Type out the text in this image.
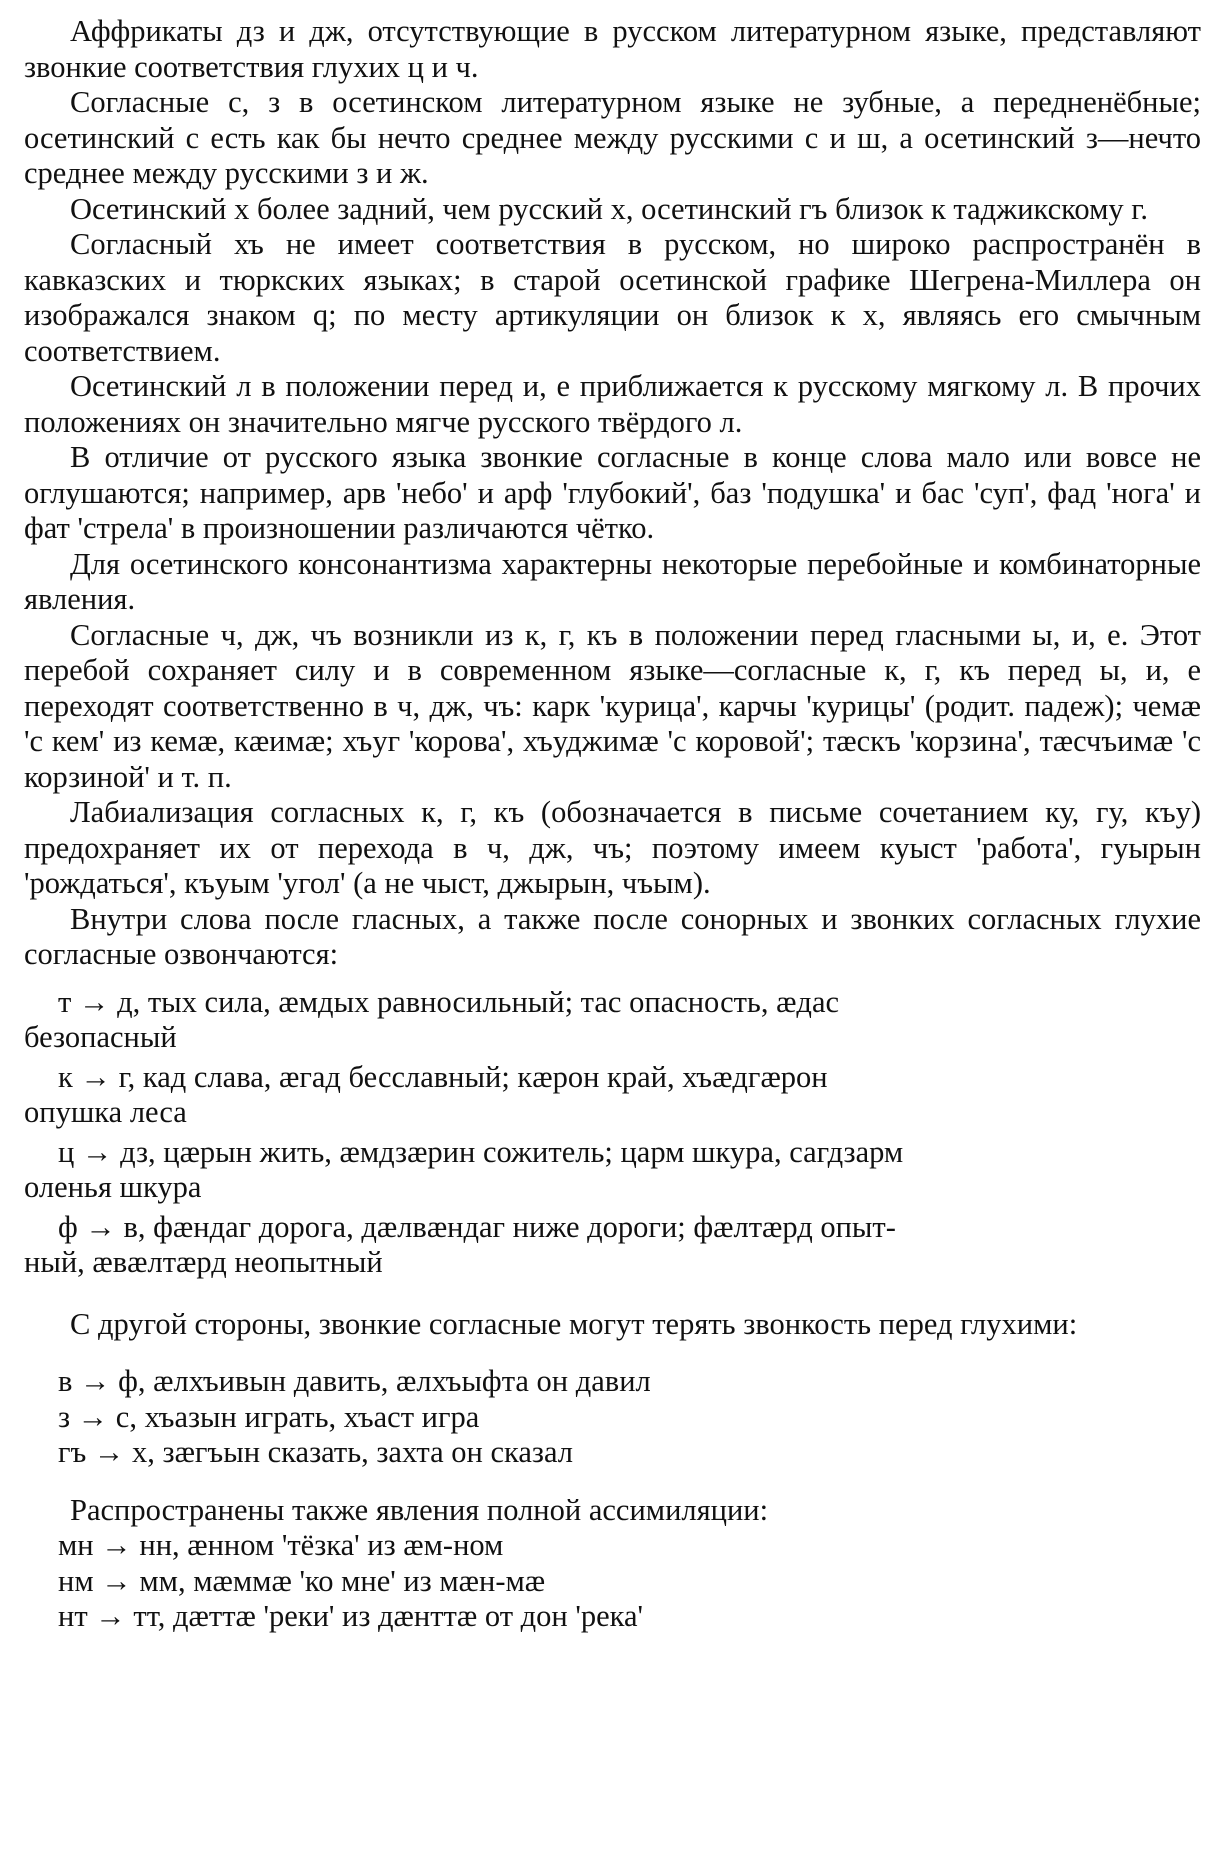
Аффрикаты дз и дж, отсутствующие в русском литературном языке, представляют звонкие соответствия глухих ц и ч.

Согласные с, з в осетинском литературном языке не зубные, а передненёбные; осетинский с есть как бы нечто среднее между русскими с и ш, а осетинский з—нечто среднее между русскими з и ж.

Осетинский х более задний, чем русский х, осетинский гъ близок к таджикскому г.

Согласный хъ не имеет соответствия в русском, но широко распространён в кавказских и тюркских языках; в старой осетинской графике Шегрена-Миллера он изображался знаком q; по месту артикуляции он близок к х, являясь его смычным соответствием.

Осетинский л в положении перед и, е приближается к русскому мягкому л. В прочих положениях он значительно мягче русского твёрдого л.

В отличие от русского языка звонкие согласные в конце слова мало или вовсе не оглушаются; например, арв 'небо' и арф 'глубокий', баз 'подушка' и бас 'суп', фад 'нога' и фат 'стрела' в произношении различаются чётко.

Для осетинского консонантизма характерны некоторые перебойные и комбинаторные явления.

Согласные ч, дж, чъ возникли из к, г, къ в положении перед гласными ы, и, е. Этот перебой сохраняет силу и в современном языке—согласные к, г, къ перед ы, и, е переходят соответственно в ч, дж, чъ: карк 'курица', карчы 'курицы' (родит. падеж); чемæ 'с кем' из кемæ, кæимæ; хъуг 'корова', хъуджимæ 'с коровой'; тæскъ 'корзина', тæсчъимæ 'с корзиной' и т. п.

Лабиализация согласных к, г, къ (обозначается в письме сочетанием ку, гу, къу) предохраняет их от перехода в ч, дж, чъ; поэтому имеем куыст 'работа', гуырын 'рождаться', къуым 'угол' (а не чыст, джырын, чъым).

Внутри слова после гласных, а также после сонорных и звонких согласных глухие согласные озвончаются:

т → д, тых сила, æмдых равносильный; тас опасность, æдас

безопасный

к → г, кад слава, æгад бесславный; кæрон край, хъæдгæрон

опушка леса

ц → дз, цæрын жить, æмдзæрин сожитель; царм шкура, сагдзарм

оленья шкура

ф → в, фæндаг дорога, дæлвæндаг ниже дороги; фæлтæрд опыт-

ный, æвæлтæрд неопытный

С другой стороны, звонкие согласные могут терять звонкость перед глухими:

в → ф, æлхъивын давить, æлхъыфта он давил

з → с, хъазын играть, хъаст игра

гъ → х, зæгъын сказать, захта он сказал

Распространены также явления полной ассимиляции:

мн → нн, æнном 'тёзка' из æм-ном

нм → мм, мæммæ 'ко мне' из мæн-мæ

нт → тт, дæттæ 'реки' из дæнттæ от дон 'река'
